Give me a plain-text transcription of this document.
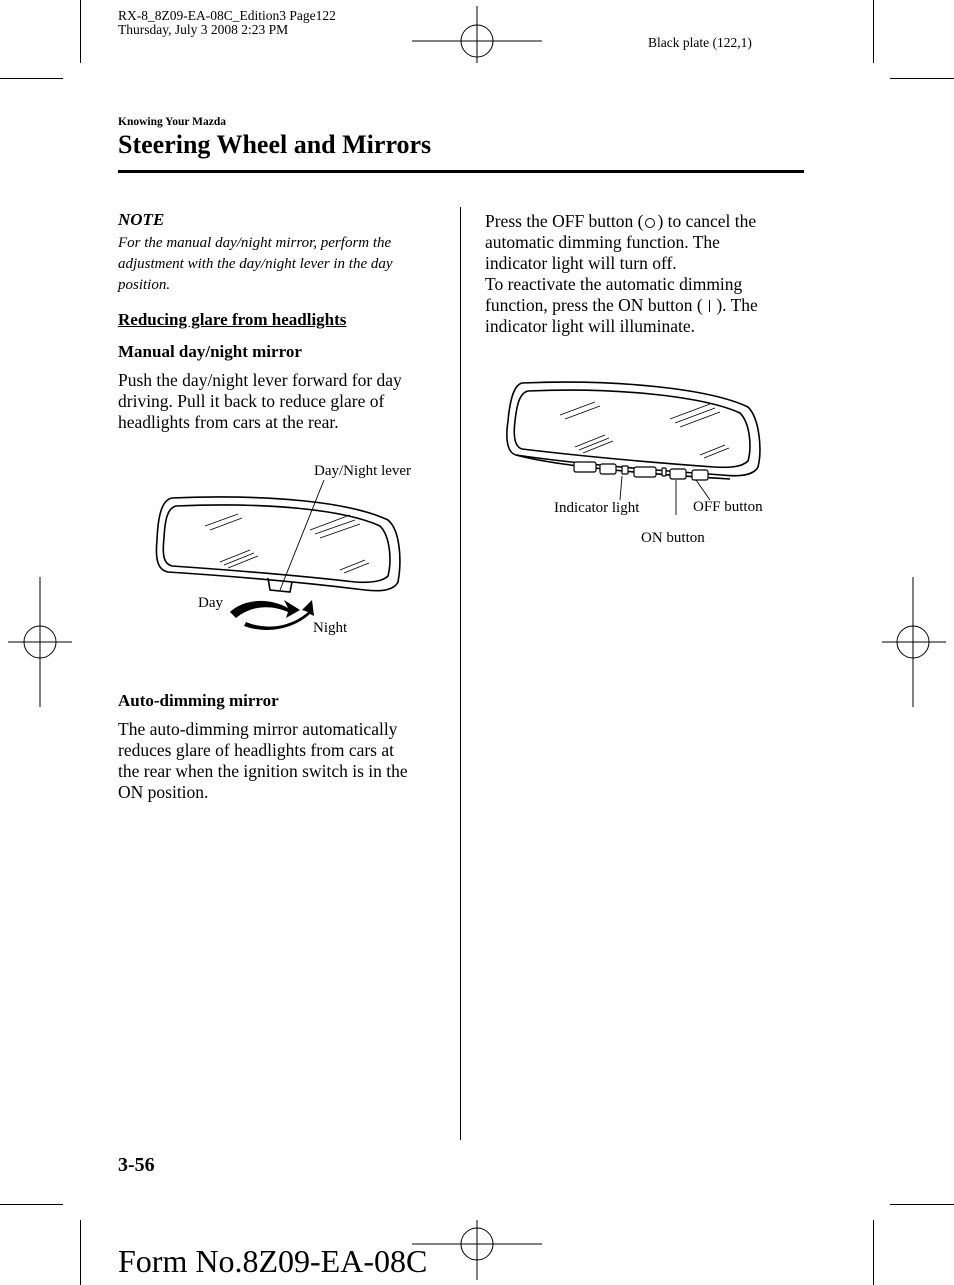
RX-8_8Z09-EA-08C_Edition3 Page122
Thursday, July 3 2008 2:23 PM
Black plate (122,1)
Knowing Your Mazda
Steering Wheel and Mirrors
NOTE
For the manual day/night mirror, perform the
adjustment with the day/night lever in the day
position.
Reducing glare from headlights
Manual day/night mirror
Push the day/night lever forward for day
driving. Pull it back to reduce glare of
headlights from cars at the rear.
Day/Night lever
Day
Night
Auto-dimming mirror
The auto-dimming mirror automatically
reduces glare of headlights from cars at
the rear when the ignition switch is in the
ON position.
Press the OFF button ( ) to cancel the
automatic dimming function. The
indicator light will turn off.
To reactivate the automatic dimming
function, press the ON button ( ). The
indicator light will illuminate.
Indicator light	OFF button
ON button
3-56
Form No.8Z09-EA-08C
